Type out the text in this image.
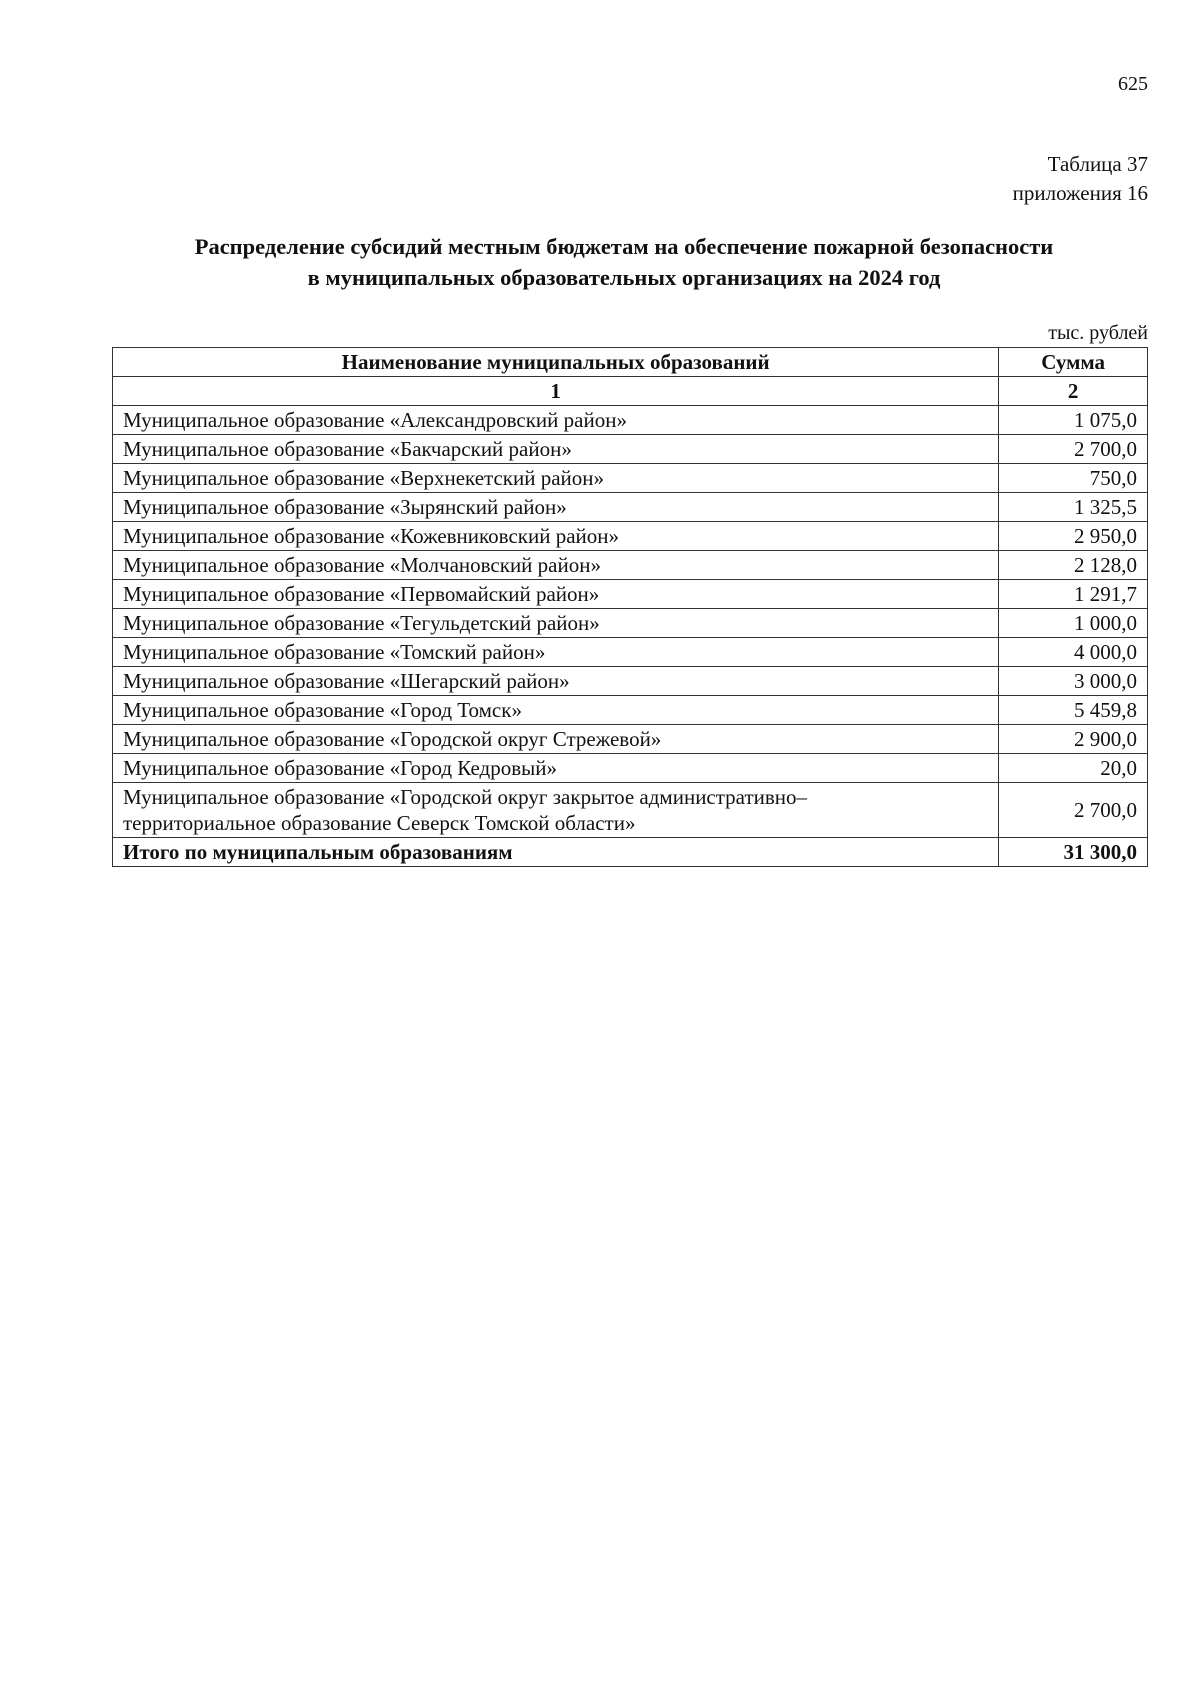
625
Таблица 37
приложения 16
Распределение субсидий местным бюджетам на обеспечение пожарной безопасности
в муниципальных образовательных организациях на 2024 год
тыс. рублей
Наименование муниципальных образований	Сумма
1	2
Муниципальное образование «Александровский район»	1 075,0
Муниципальное образование «Бакчарский район»	2 700,0
Муниципальное образование «Верхнекетский район»	750,0
Муниципальное образование «Зырянский район»	1 325,5
Муниципальное образование «Кожевниковский район»	2 950,0
Муниципальное образование «Молчановский район»	2 128,0
Муниципальное образование «Первомайский район»	1 291,7
Муниципальное образование «Тегульдетский район»	1 000,0
Муниципальное образование «Томский район»	4 000,0
Муниципальное образование «Шегарский район»	3 000,0
Муниципальное образование «Город Томск»	5 459,8
Муниципальное образование «Городской округ Стрежевой»	2 900,0
Муниципальное образование «Город Кедровый»	20,0

Муниципальное образование «Городской округ закрытое административно–
территориальное образование Северск Томской области»	2 700,0
Итого по муниципальным образованиям	31 300,0
